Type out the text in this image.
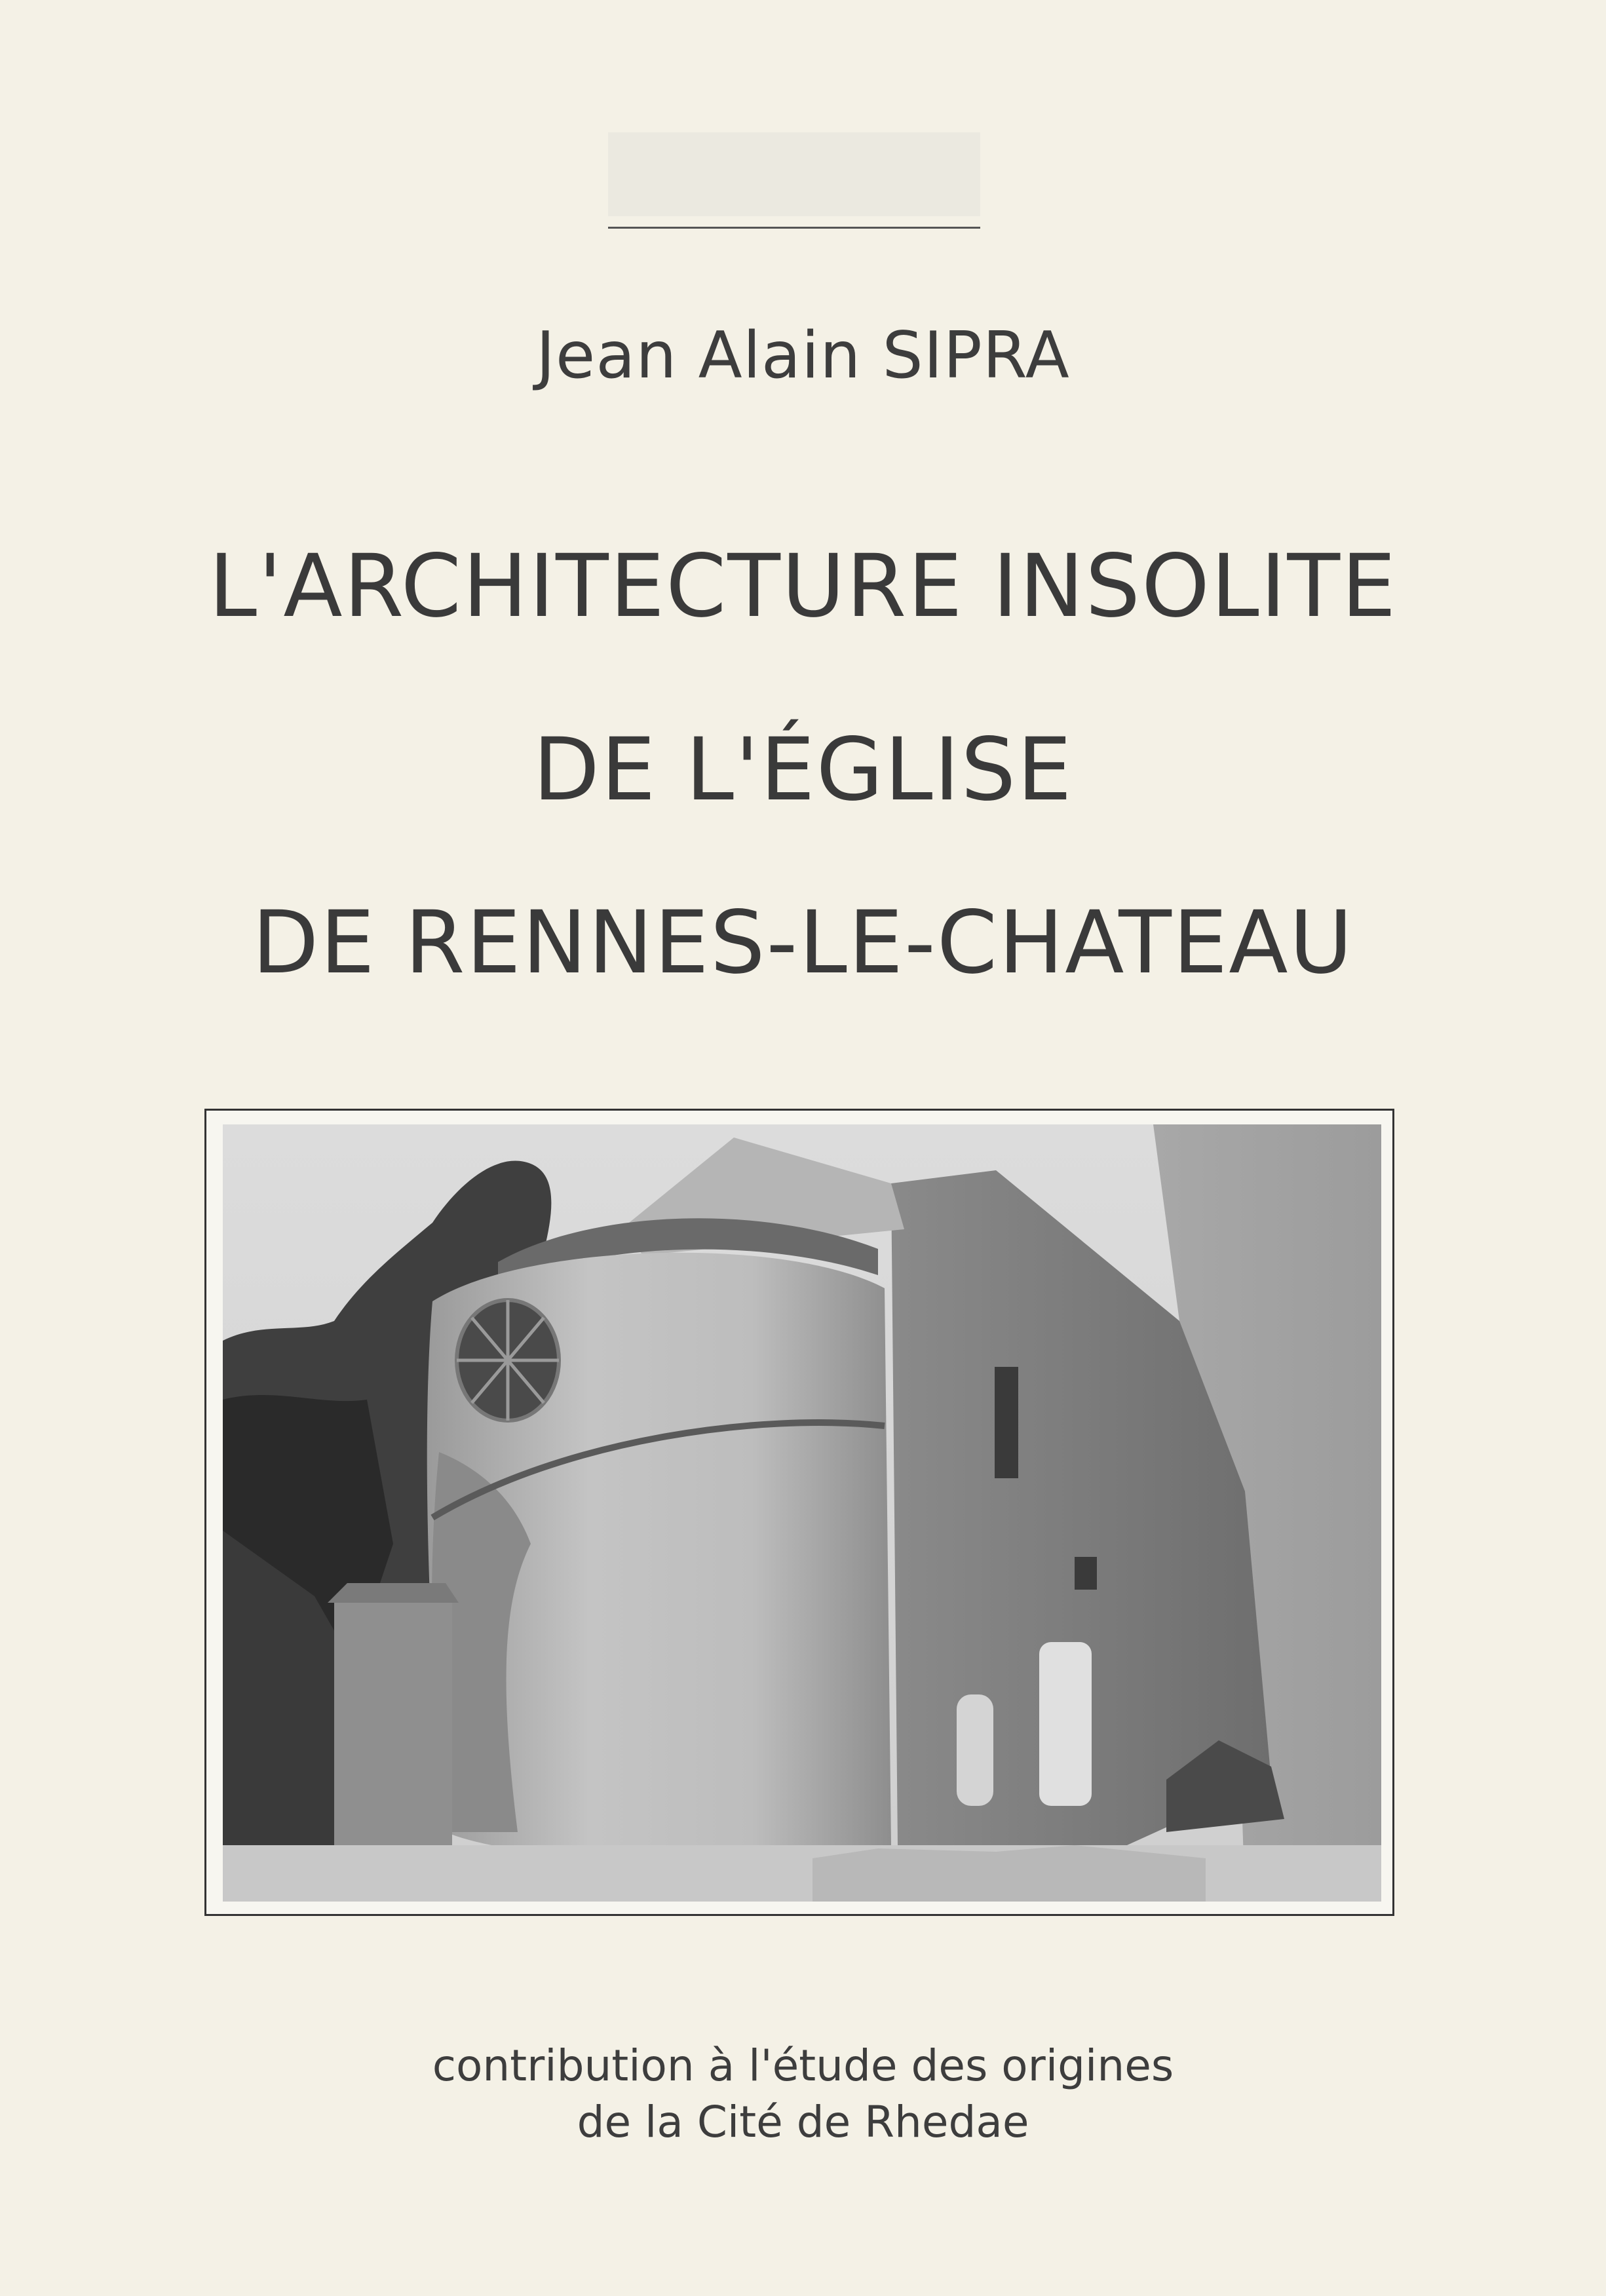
Jean Alain SIPRA
L'ARCHITECTURE INSOLITE
DE L'ÉGLISE
DE RENNES-LE-CHATEAU
contribution à l'étude des origines
de la Cité de Rhedae
